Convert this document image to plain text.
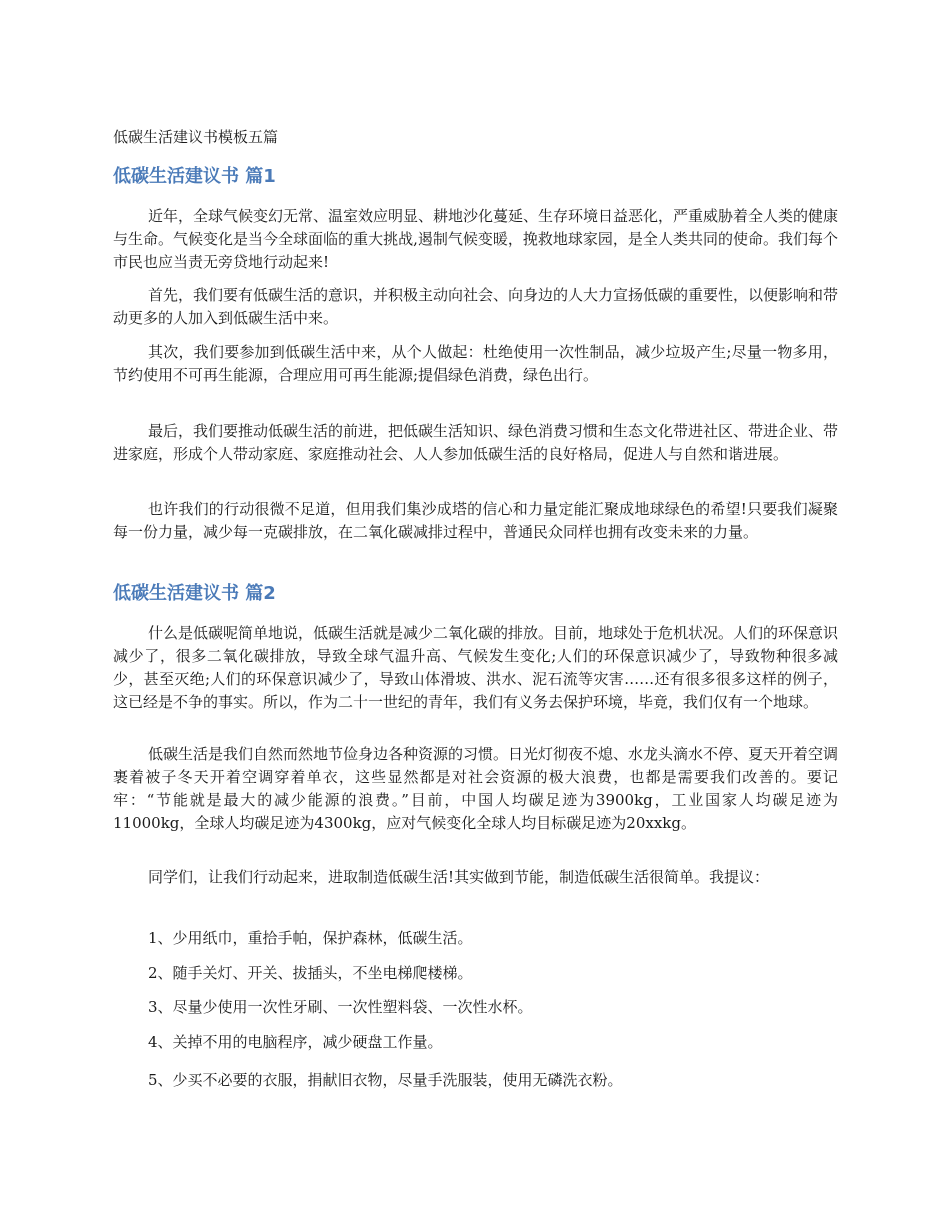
低碳生活建议书模板五篇
低碳生活建议书 篇1

近年，全球气候变幻无常、温室效应明显、耕地沙化蔓延、生存环境日益恶化，严重威胁着全人类的健康与生命。气候变化是当今全球面临的重大挑战,遏制气候变暖，挽救地球家园，是全人类共同的使命。我们每个市民也应当责无旁贷地行动起来!

首先，我们要有低碳生活的意识，并积极主动向社会、向身边的人大力宣扬低碳的重要性，以便影响和带动更多的人加入到低碳生活中来。

其次，我们要参加到低碳生活中来，从个人做起：杜绝使用一次性制品，减少垃圾产生;尽量一物多用，节约使用不可再生能源，合理应用可再生能源;提倡绿色消费，绿色出行。

最后，我们要推动低碳生活的前进，把低碳生活知识、绿色消费习惯和生态文化带进社区、带进企业、带进家庭，形成个人带动家庭、家庭推动社会、人人参加低碳生活的良好格局，促进人与自然和谐进展。

也许我们的行动很微不足道，但用我们集沙成塔的信心和力量定能汇聚成地球绿色的希望!只要我们凝聚每一份力量，减少每一克碳排放，在二氧化碳减排过程中，普通民众同样也拥有改变未来的力量。

低碳生活建议书 篇2

什么是低碳呢简单地说，低碳生活就是减少二氧化碳的排放。目前，地球处于危机状况。人们的环保意识减少了，很多二氧化碳排放，导致全球气温升高、气候发生变化;人们的环保意识减少了，导致物种很多减少，甚至灭绝;人们的环保意识减少了，导致山体滑坡、洪水、泥石流等灾害……还有很多很多这样的例子，这已经是不争的事实。所以，作为二十一世纪的青年，我们有义务去保护环境，毕竟，我们仅有一个地球。

低碳生活是我们自然而然地节俭身边各种资源的习惯。日光灯彻夜不熄、水龙头滴水不停、夏天开着空调裹着被子冬天开着空调穿着单衣，这些显然都是对社会资源的极大浪费，也都是需要我们改善的。要记牢：“节能就是最大的减少能源的浪费。”目前，中国人均碳足迹为3900kg，工业国家人均碳足迹为11000kg，全球人均碳足迹为4300kg，应对气候变化全球人均目标碳足迹为20xxkg。

同学们，让我们行动起来，进取制造低碳生活!其实做到节能，制造低碳生活很简单。我提议：

1、少用纸巾，重拾手帕，保护森林，低碳生活。

2、随手关灯、开关、拔插头，不坐电梯爬楼梯。

3、尽量少使用一次性牙刷、一次性塑料袋、一次性水杯。

4、关掉不用的电脑程序，减少硬盘工作量。

5、少买不必要的衣服，捐献旧衣物，尽量手洗服装，使用无磷洗衣粉。
